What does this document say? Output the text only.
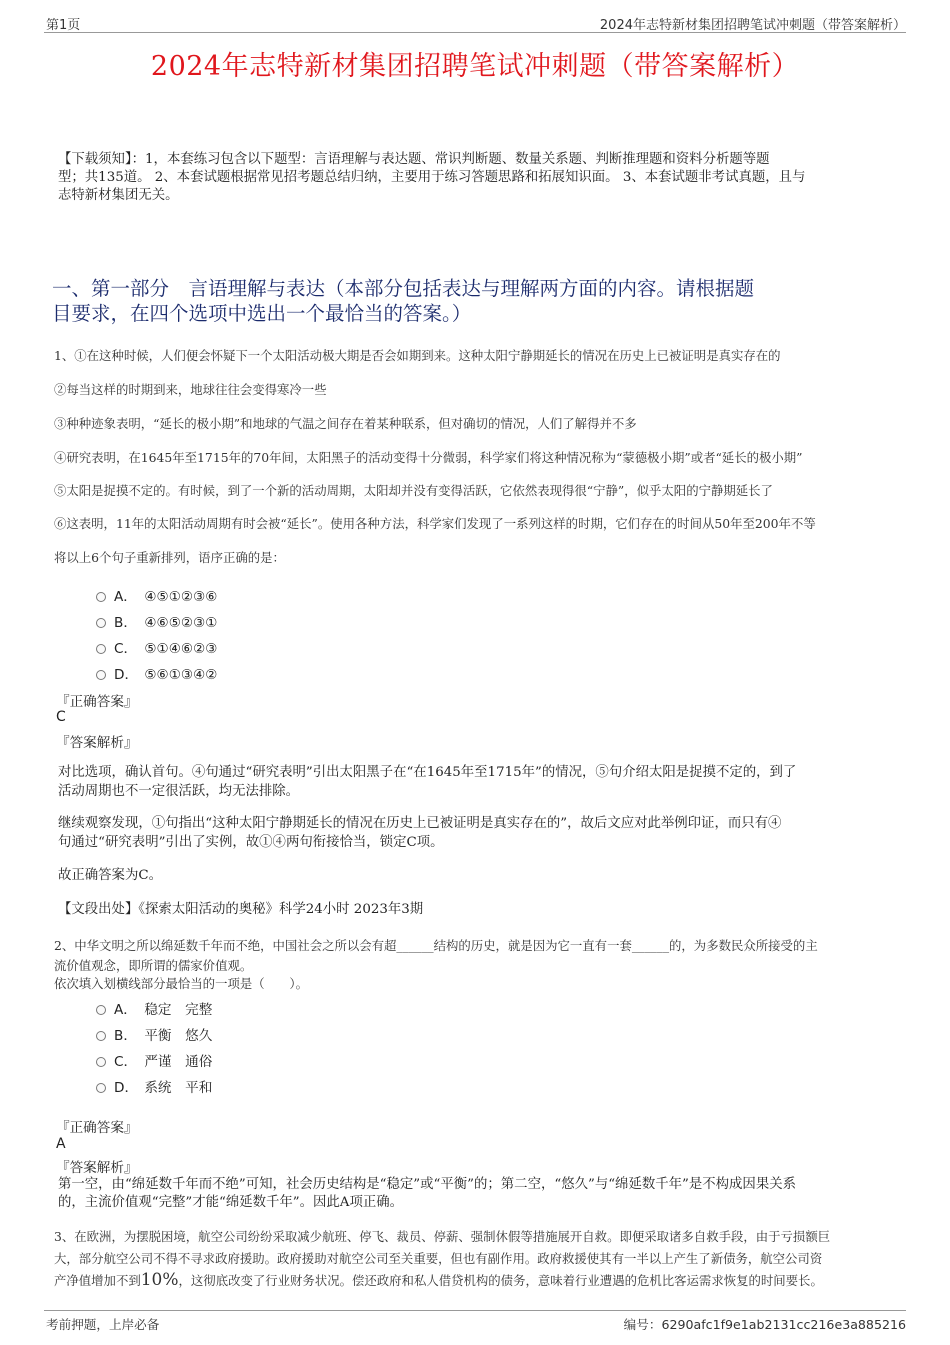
第1页	2024年志特新材集团招聘笔试冲刺题（带答案解析）
2024年志特新材集团招聘笔试冲刺题（带答案解析）
【下载须知】：1，本套练习包含以下题型：言语理解与表达题、常识判断题、数量关系题、判断推理题和资料分析题等题
型；共135道。 2、本套试题根据常见招考题总结归纳，主要用于练习答题思路和拓展知识面。 3、本套试题非考试真题，且与
志特新材集团无关。
一、第一部分　言语理解与表达（本部分包括表达与理解两方面的内容。请根据题
目要求，在四个选项中选出一个最恰当的答案。）
1、①在这种时候，人们便会怀疑下一个太阳活动极大期是否会如期到来。这种太阳宁静期延长的情况在历史上已被证明是真实存在的
②每当这样的时期到来，地球往往会变得寒冷一些
③种种迹象表明，“延长的极小期”和地球的气温之间存在着某种联系，但对确切的情况，人们了解得并不多
④研究表明，在1645年至1715年的70年间，太阳黑子的活动变得十分微弱，科学家们将这种情况称为“蒙德极小期”或者“延长的极小期”
⑤太阳是捉摸不定的。有时候，到了一个新的活动周期，太阳却并没有变得活跃，它依然表现得很“宁静”，似乎太阳的宁静期延长了
⑥这表明，11年的太阳活动周期有时会被“延长”。使用各种方法，科学家们发现了一系列这样的时期，它们存在的时间从50年至200年不等
将以上6个句子重新排列，语序正确的是：
A． ④⑤①②③⑥
B． ④⑥⑤②③①
C． ⑤①④⑥②③
D． ⑤⑥①③④②
『正确答案』
C
『答案解析』
对比选项，确认首句。④句通过“研究表明”引出太阳黑子在“在1645年至1715年”的情况，⑤句介绍太阳是捉摸不定的，到了
活动周期也不一定很活跃，均无法排除。
继续观察发现，①句指出“这种太阳宁静期延长的情况在历史上已被证明是真实存在的”，故后文应对此举例印证，而只有④
句通过“研究表明”引出了实例，故①④两句衔接恰当，锁定C项。
故正确答案为C。
【文段出处】《探索太阳活动的奥秘》科学24小时 2023年3期
2、中华文明之所以绵延数千年而不绝，中国社会之所以会有超______结构的历史，就是因为它一直有一套______的，为多数民众所接受的主
流价值观念，即所谓的儒家价值观。
依次填入划横线部分最恰当的一项是（　　）。
A． 稳定　完整
B． 平衡　悠久
C． 严谨　通俗
D． 系统　平和
『正确答案』
A
『答案解析』
第一空，由“绵延数千年而不绝”可知，社会历史结构是“稳定”或“平衡”的；第二空，“悠久”与“绵延数千年”是不构成因果关系
的，主流价值观“完整”才能“绵延数千年”。因此A项正确。
3、在欧洲，为摆脱困境，航空公司纷纷采取减少航班、停飞、裁员、停薪、强制休假等措施展开自救。即便采取诸多自救手段，由于亏损额巨
大，部分航空公司不得不寻求政府援助。政府援助对航空公司至关重要，但也有副作用。政府救援使其有一半以上产生了新债务，航空公司资
产净值增加不到10%，这彻底改变了行业财务状况。偿还政府和私人借贷机构的债务，意味着行业遭遇的危机比客运需求恢复的时间要长。
考前押题，上岸必备	编号：6290afc1f9e1ab2131cc216e3a885216
